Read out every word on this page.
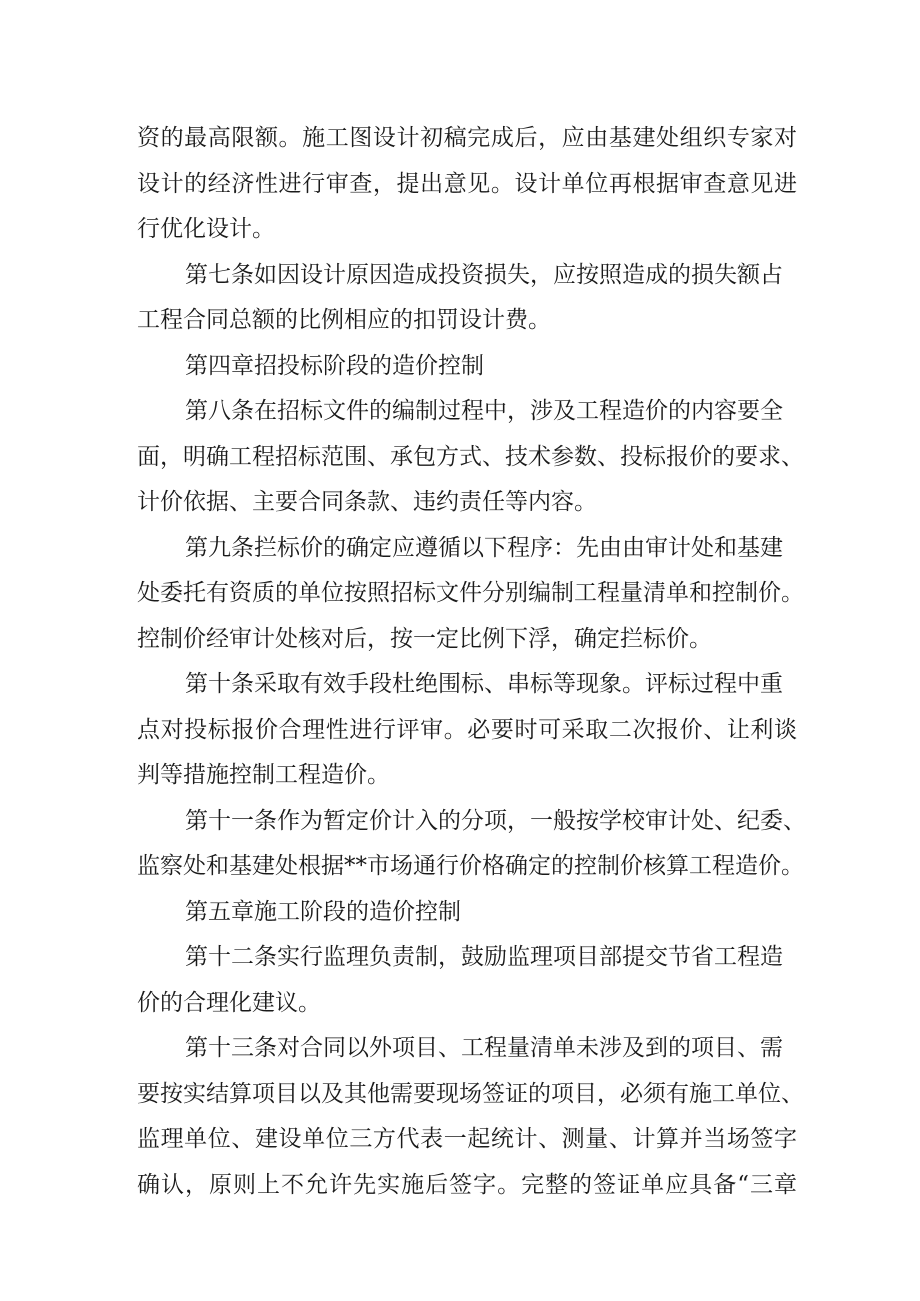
资的最高限额。施工图设计初稿完成后，应由基建处组织专家对
设计的经济性进行审查，提出意见。设计单位再根据审查意见进
行优化设计。
第七条如因设计原因造成投资损失，应按照造成的损失额占
工程合同总额的比例相应的扣罚设计费。
第四章招投标阶段的造价控制
第八条在招标文件的编制过程中，涉及工程造价的内容要全
面，明确工程招标范围、承包方式、技术参数、投标报价的要求、
计价依据、主要合同条款、违约责任等内容。
第九条拦标价的确定应遵循以下程序：先由由审计处和基建
处委托有资质的单位按照招标文件分别编制工程量清单和控制价。
控制价经审计处核对后，按一定比例下浮，确定拦标价。
第十条采取有效手段杜绝围标、串标等现象。评标过程中重
点对投标报价合理性进行评审。必要时可采取二次报价、让利谈
判等措施控制工程造价。
第十一条作为暂定价计入的分项，一般按学校审计处、纪委、
监察处和基建处根据**市场通行价格确定的控制价核算工程造价。
第五章施工阶段的造价控制
第十二条实行监理负责制，鼓励监理项目部提交节省工程造
价的合理化建议。
第十三条对合同以外项目、工程量清单未涉及到的项目、需
要按实结算项目以及其他需要现场签证的项目，必须有施工单位、
监理单位、建设单位三方代表一起统计、测量、计算并当场签字
确认，原则上不允许先实施后签字。完整的签证单应具备“三章
